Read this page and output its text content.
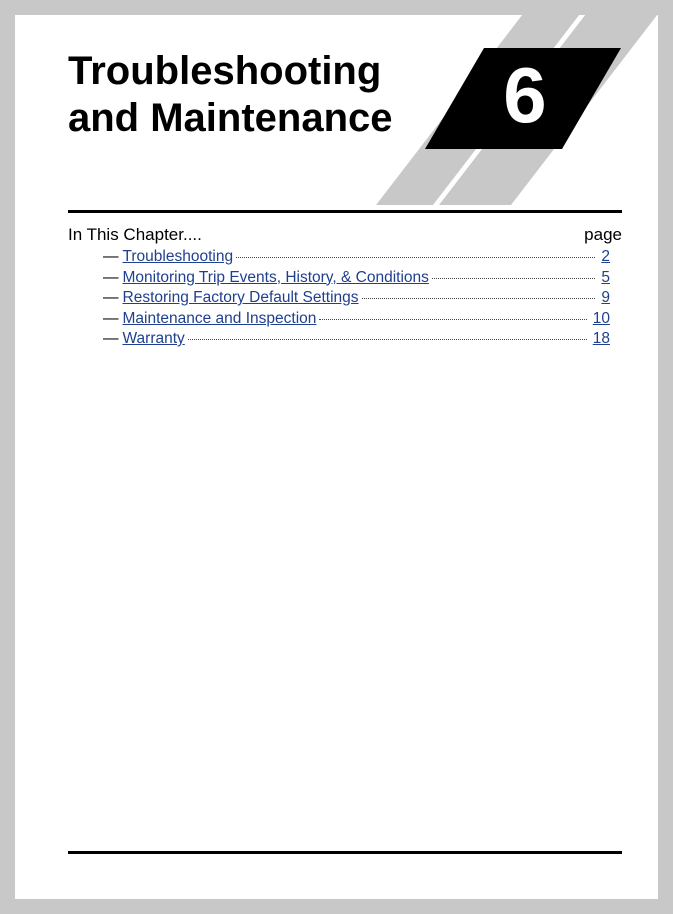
6
Troubleshooting
and Maintenance
In This Chapter....	page
— Troubleshooting	2
— Monitoring Trip Events, History, & Conditions	5
— Restoring Factory Default Settings	9
— Maintenance and Inspection	10
— Warranty	18
